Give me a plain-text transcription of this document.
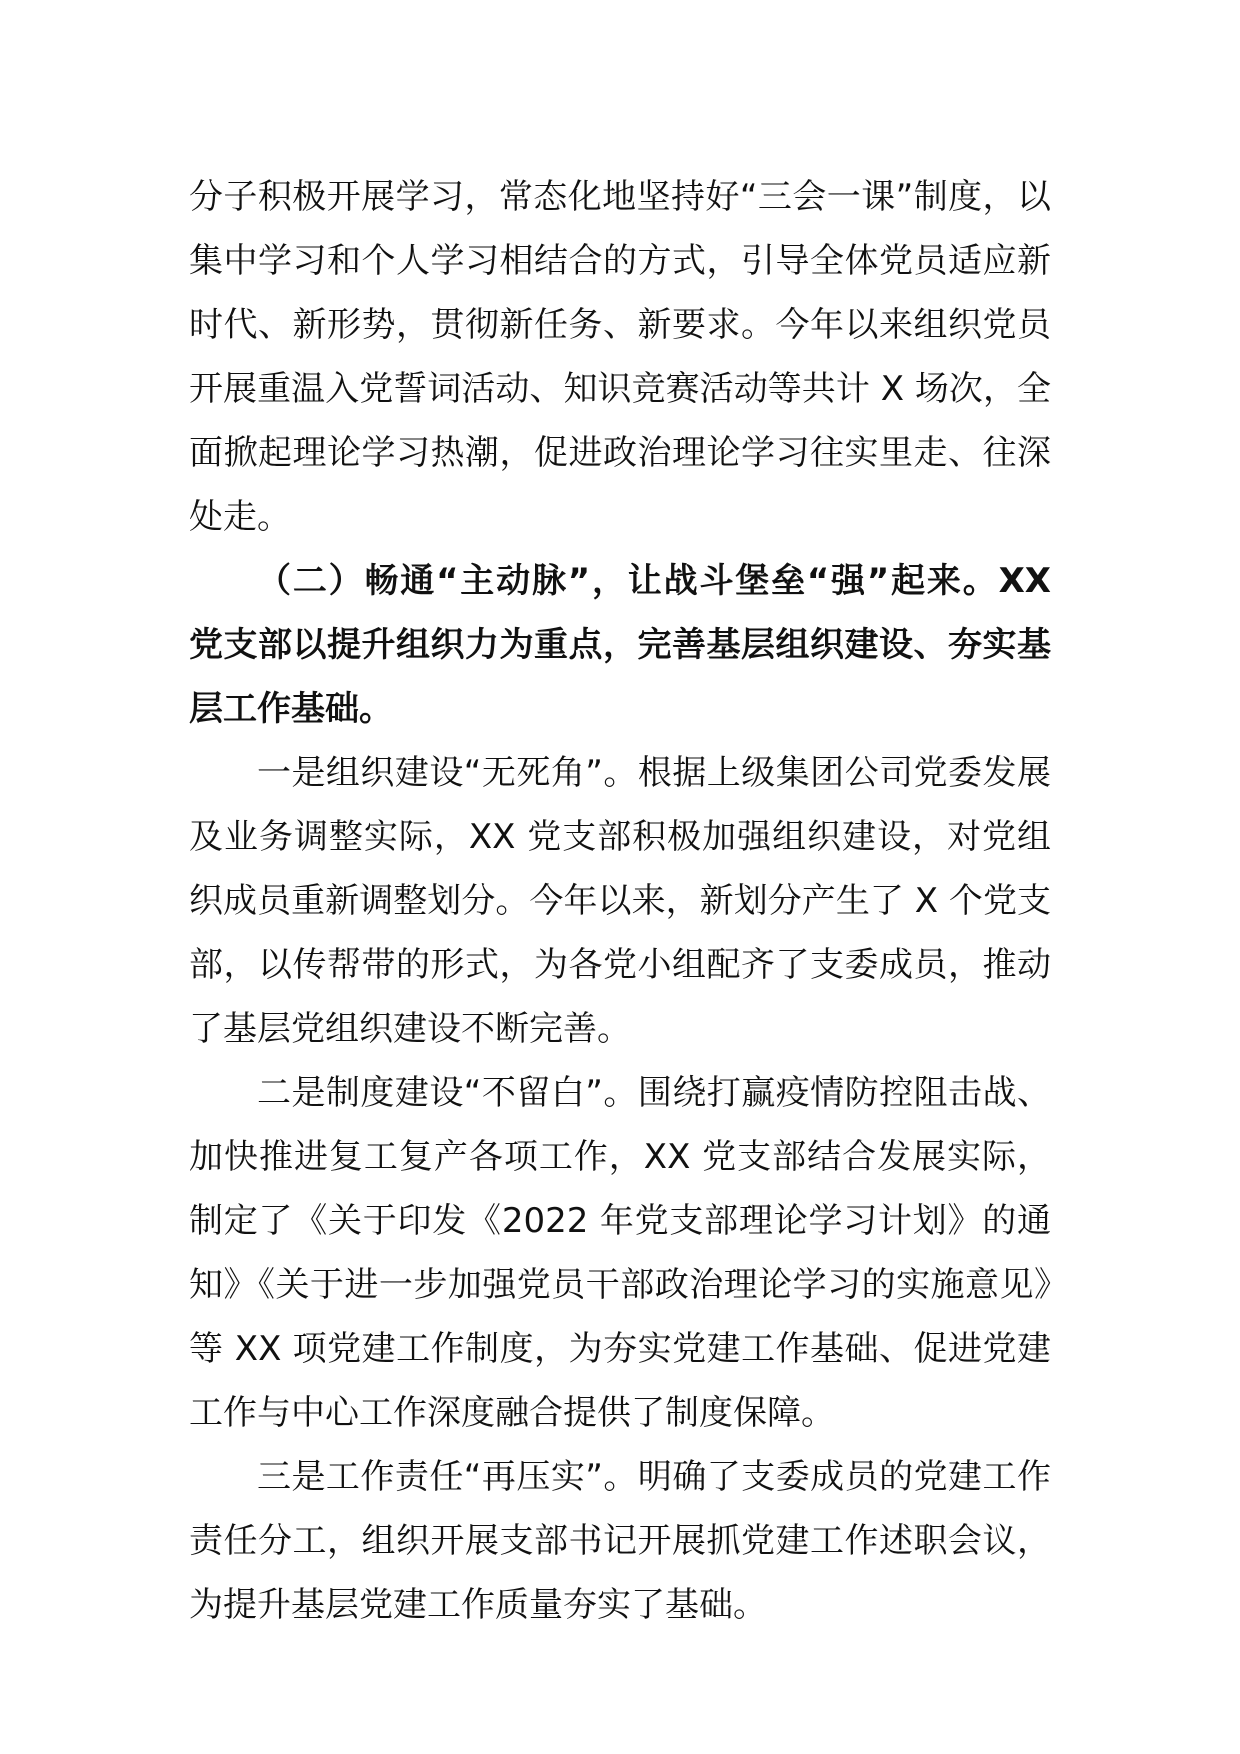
分子积极开展学习，常态化地坚持好“三会一课”制度，以集中学习和个人学习相结合的方式，引导全体党员适应新时代、新形势，贯彻新任务、新要求。今年以来组织党员开展重温入党誓词活动、知识竞赛活动等共计 X 场次，全面掀起理论学习热潮，促进政治理论学习往实里走、往深处走。

（二）畅通“主动脉”，让战斗堡垒“强”起来。XX 党支部以提升组织力为重点，完善基层组织建设、夯实基层工作基础。

一是组织建设“无死角”。根据上级集团公司党委发展及业务调整实际，XX 党支部积极加强组织建设，对党组织成员重新调整划分。今年以来，新划分产生了 X 个党支部，以传帮带的形式，为各党小组配齐了支委成员，推动了基层党组织建设不断完善。

二是制度建设“不留白”。围绕打赢疫情防控阻击战、加快推进复工复产各项工作，XX 党支部结合发展实际，制定了《关于印发《2022 年党支部理论学习计划》的通知》《关于进一步加强党员干部政治理论学习的实施意见》等 XX 项党建工作制度，为夯实党建工作基础、促进党建工作与中心工作深度融合提供了制度保障。

三是工作责任“再压实”。明确了支委成员的党建工作责任分工，组织开展支部书记开展抓党建工作述职会议，为提升基层党建工作质量夯实了基础。
